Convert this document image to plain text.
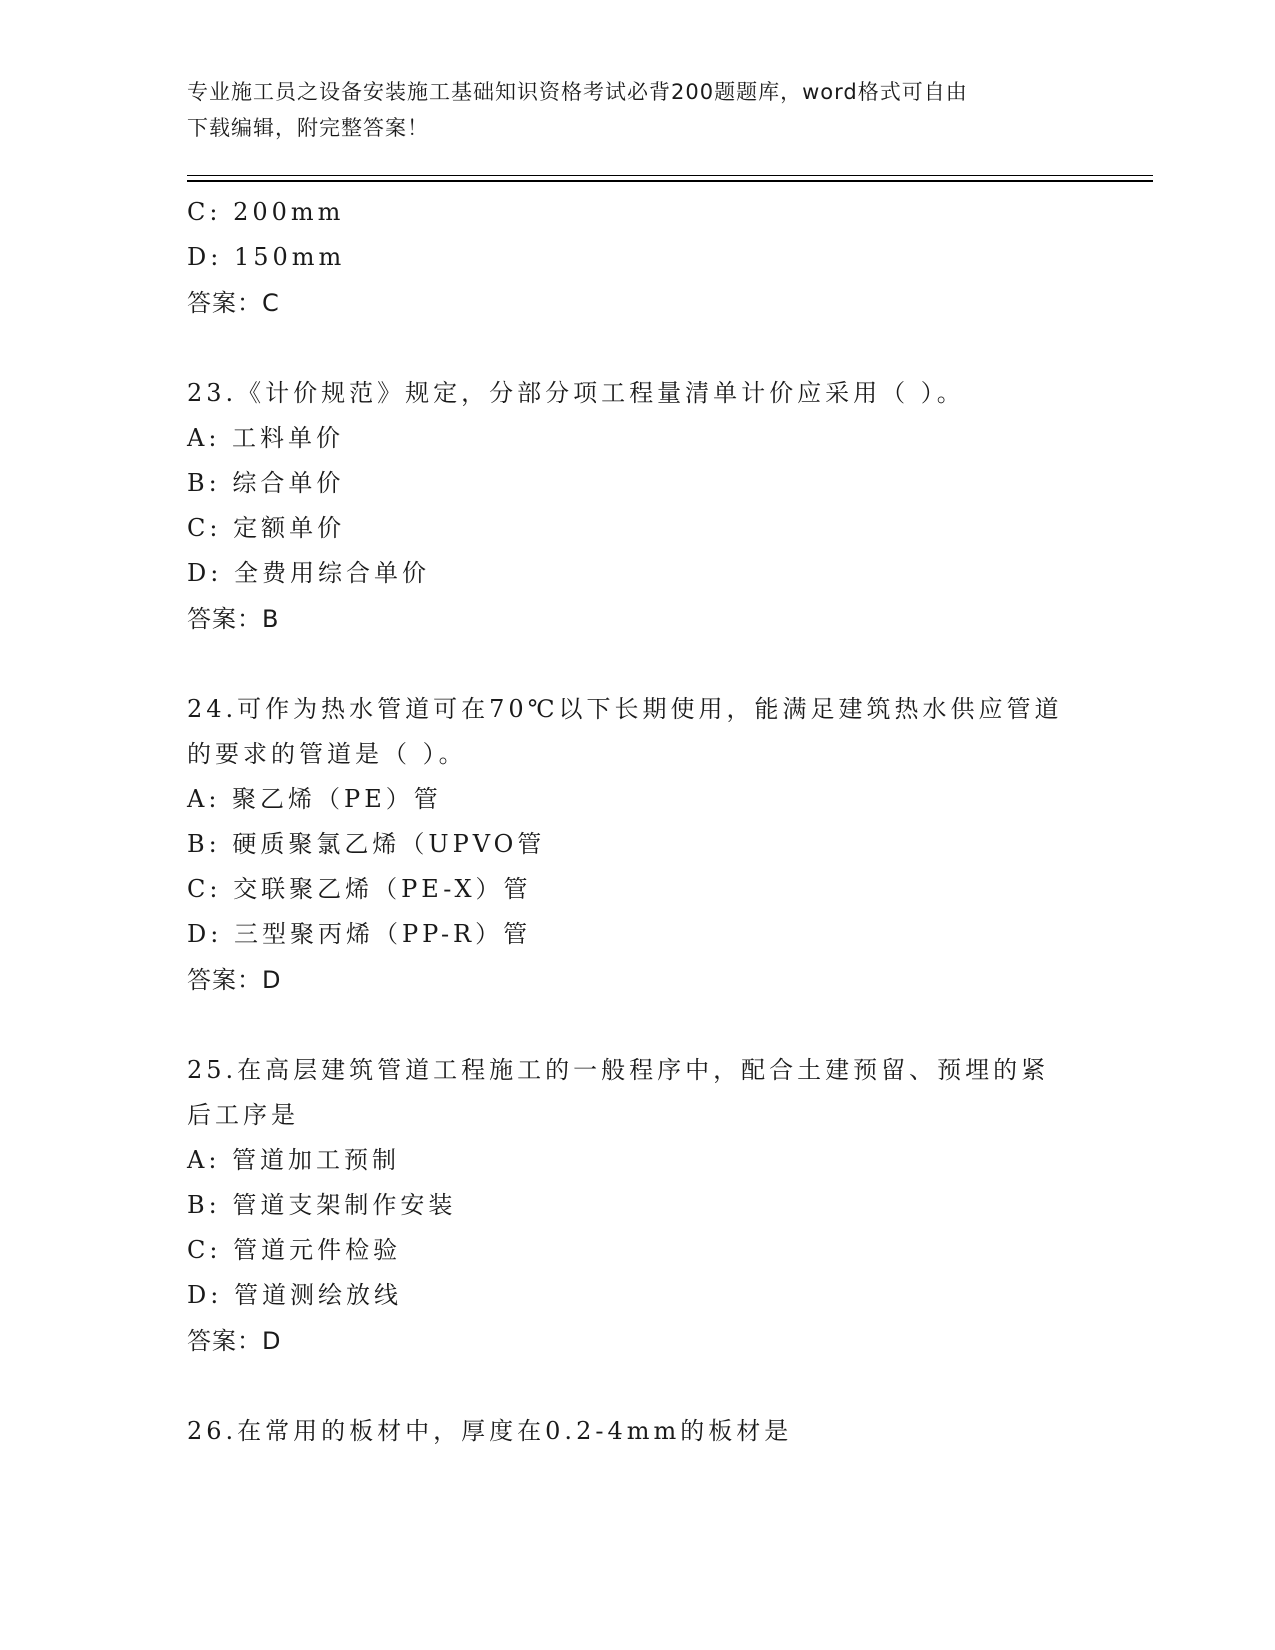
专业施工员之设备安装施工基础知识资格考试必背200题题库，word格式可自由
下载编辑，附完整答案！
C: 200mm
D: 150mm
答案：C
23.《计价规范》规定，分部分项工程量清单计价应采用（ ）。
A: 工料单价
B: 综合单价
C: 定额单价
D: 全费用综合单价
答案：B
24.可作为热水管道可在70℃以下长期使用，能满足建筑热水供应管道
的要求的管道是（ ）。
A: 聚乙烯（PE）管
B: 硬质聚氯乙烯（UPVO管
C: 交联聚乙烯（PE-X）管
D: 三型聚丙烯（PP-R）管
答案：D
25.在高层建筑管道工程施工的一般程序中，配合土建预留、预埋的紧
后工序是
A: 管道加工预制
B: 管道支架制作安装
C: 管道元件检验
D: 管道测绘放线
答案：D
26.在常用的板材中，厚度在0.2-4mm的板材是
